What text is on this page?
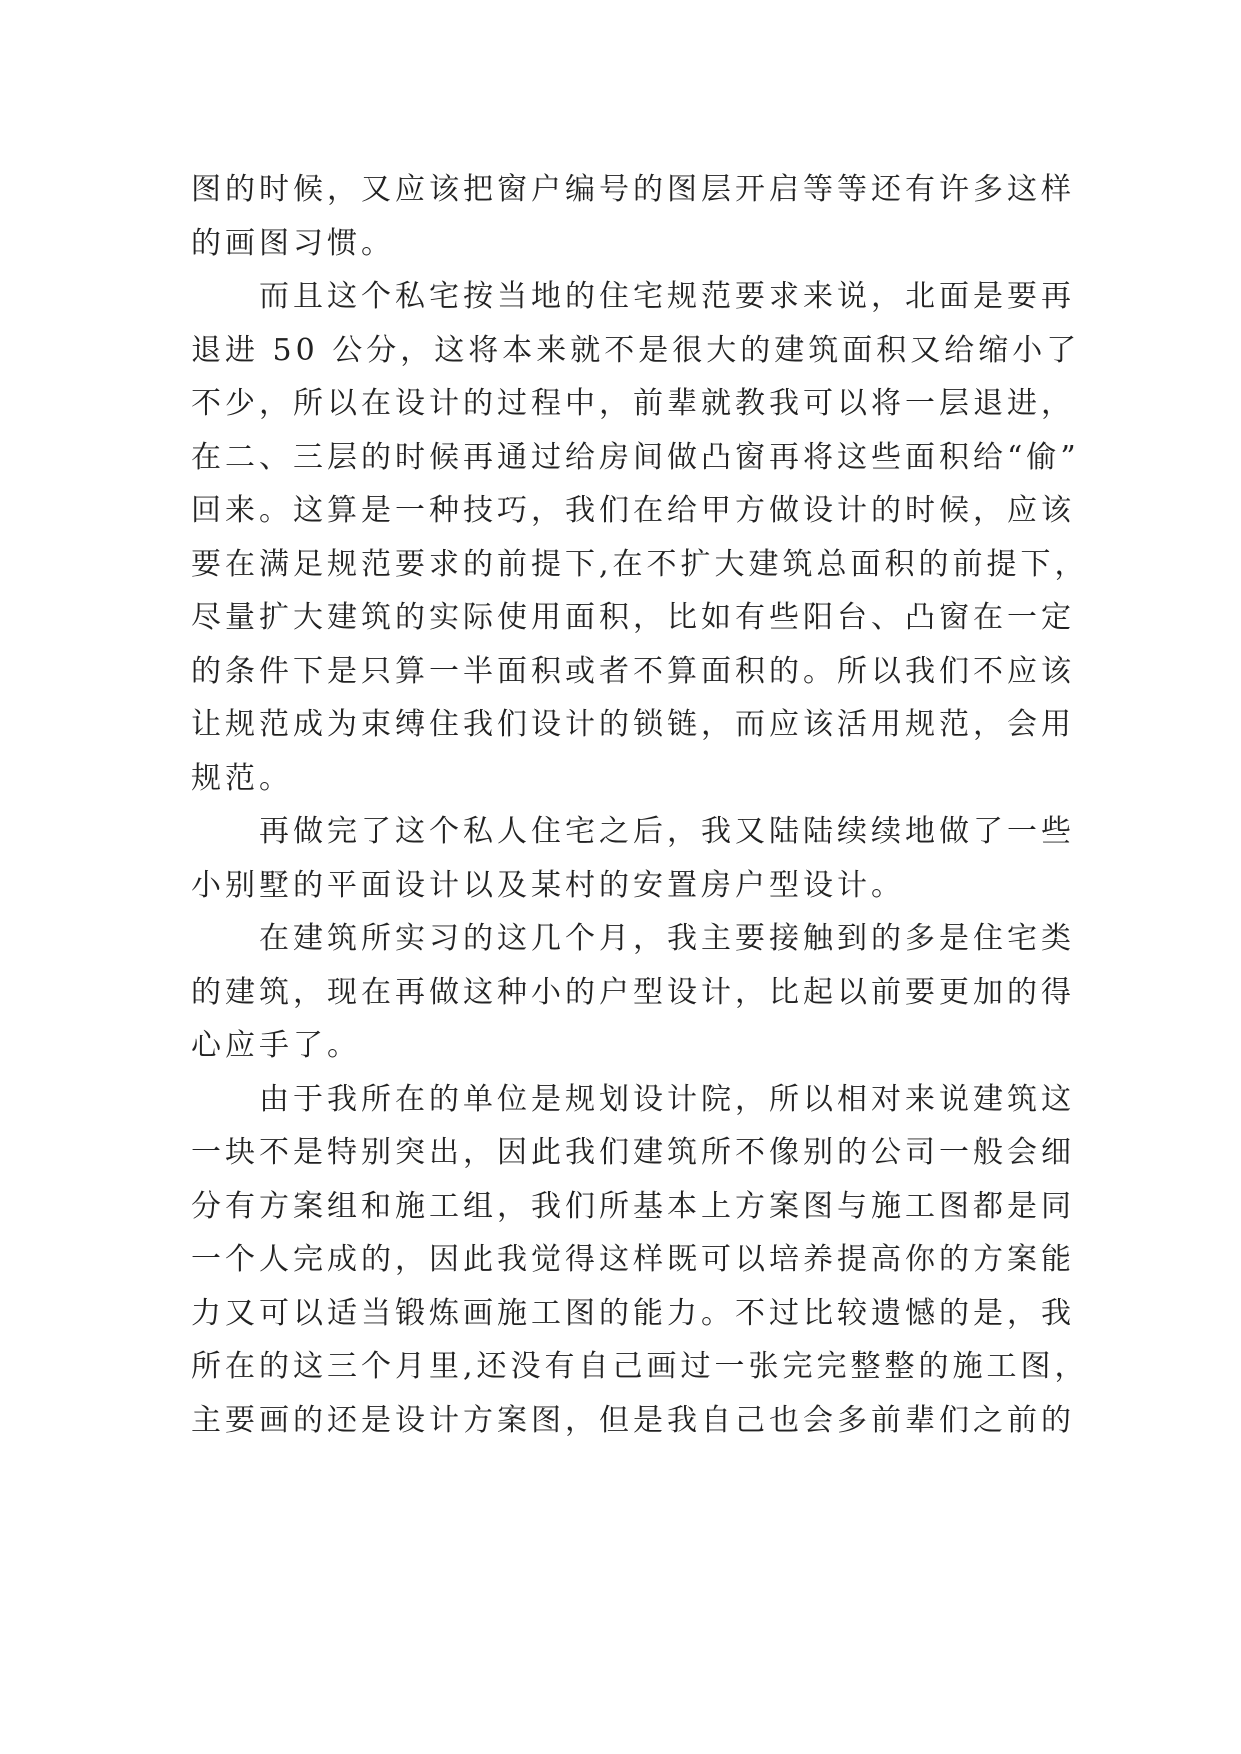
图的时候，又应该把窗户编号的图层开启等等还有许多这样
的画图习惯。
　　而且这个私宅按当地的住宅规范要求来说，北面是要再
退进 50 公分，这将本来就不是很大的建筑面积又给缩小了
不少，所以在设计的过程中，前辈就教我可以将一层退进，
在二、三层的时候再通过给房间做凸窗再将这些面积给“偷”
回来。这算是一种技巧，我们在给甲方做设计的时候，应该
要在满足规范要求的前提下,在不扩大建筑总面积的前提下，
尽量扩大建筑的实际使用面积，比如有些阳台、凸窗在一定
的条件下是只算一半面积或者不算面积的。所以我们不应该
让规范成为束缚住我们设计的锁链，而应该活用规范，会用
规范。
　　再做完了这个私人住宅之后，我又陆陆续续地做了一些
小别墅的平面设计以及某村的安置房户型设计。
　　在建筑所实习的这几个月，我主要接触到的多是住宅类
的建筑，现在再做这种小的户型设计，比起以前要更加的得
心应手了。
　　由于我所在的单位是规划设计院，所以相对来说建筑这
一块不是特别突出，因此我们建筑所不像别的公司一般会细
分有方案组和施工组，我们所基本上方案图与施工图都是同
一个人完成的，因此我觉得这样既可以培养提高你的方案能
力又可以适当锻炼画施工图的能力。不过比较遗憾的是，我
所在的这三个月里,还没有自己画过一张完完整整的施工图，
主要画的还是设计方案图，但是我自己也会多前辈们之前的
